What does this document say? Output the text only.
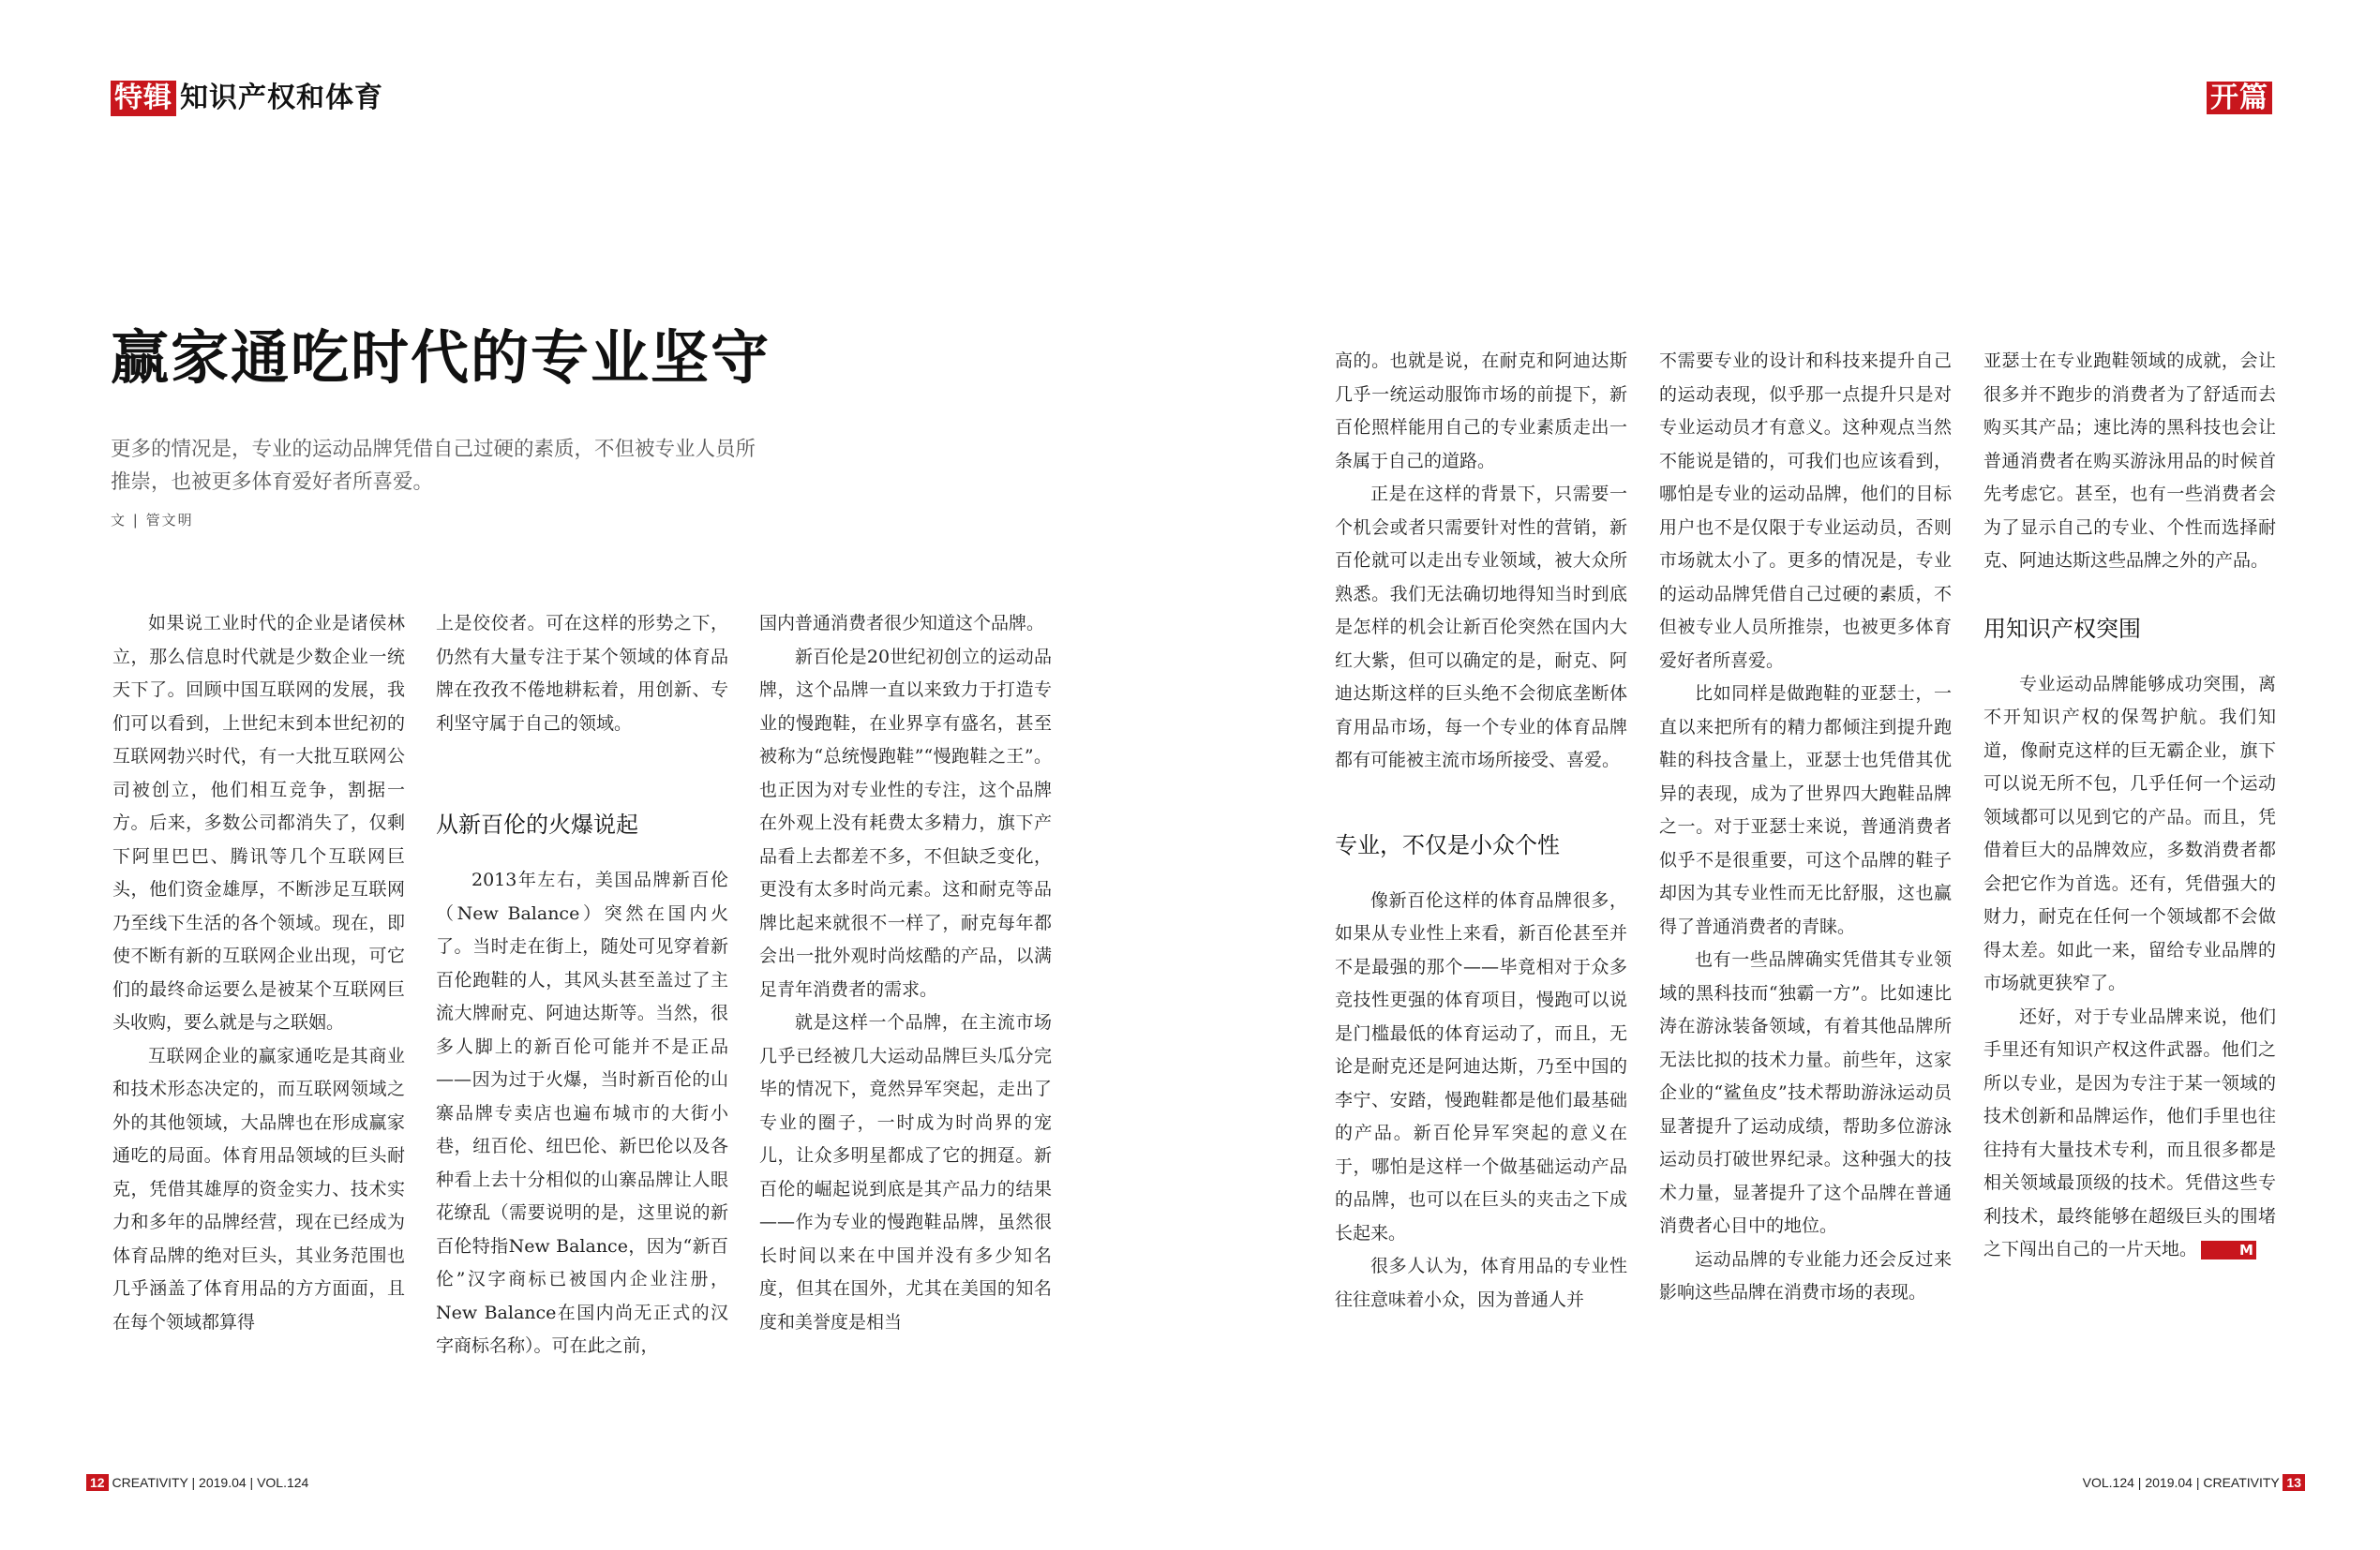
特辑 知识产权和体育	开篇
赢家通吃时代的专业坚守
更多的情况是，专业的运动品牌凭借自己过硬的素质，不但被专业人员所推崇，也被更多体育爱好者所喜爱。
文 | 管文明

如果说工业时代的企业是诸侯林立，那么信息时代就是少数企业一统天下了。回顾中国互联网的发展，我们可以看到，上世纪末到本世纪初的互联网勃兴时代，有一大批互联网公司被创立，他们相互竞争，割据一方。后来，多数公司都消失了，仅剩下阿里巴巴、腾讯等几个互联网巨头，他们资金雄厚，不断涉足互联网乃至线下生活的各个领域。现在，即使不断有新的互联网企业出现，可它们的最终命运要么是被某个互联网巨头收购，要么就是与之联姻。

互联网企业的赢家通吃是其商业和技术形态决定的，而互联网领域之外的其他领域，大品牌也在形成赢家通吃的局面。体育用品领域的巨头耐克，凭借其雄厚的资金实力、技术实力和多年的品牌经营，现在已经成为体育品牌的绝对巨头，其业务范围也几乎涵盖了体育用品的方方面面，且在每个领域都算得

上是佼佼者。可在这样的形势之下，仍然有大量专注于某个领域的体育品牌在孜孜不倦地耕耘着，用创新、专利坚守属于自己的领域。

从新百伦的火爆说起

2013年左右，美国品牌新百伦（New Balance）突然在国内火了。当时走在街上，随处可见穿着新百伦跑鞋的人，其风头甚至盖过了主流大牌耐克、阿迪达斯等。当然，很多人脚上的新百伦可能并不是正品——因为过于火爆，当时新百伦的山寨品牌专卖店也遍布城市的大街小巷，纽百伦、纽巴伦、新巴伦以及各种看上去十分相似的山寨品牌让人眼花缭乱（需要说明的是，这里说的新百伦特指New Balance，因为“新百伦”汉字商标已被国内企业注册，New Balance在国内尚无正式的汉字商标名称）。可在此之前，

国内普通消费者很少知道这个品牌。

新百伦是20世纪初创立的运动品牌，这个品牌一直以来致力于打造专业的慢跑鞋，在业界享有盛名，甚至被称为“总统慢跑鞋”“慢跑鞋之王”。也正因为对专业性的专注，这个品牌在外观上没有耗费太多精力，旗下产品看上去都差不多，不但缺乏变化，更没有太多时尚元素。这和耐克等品牌比起来就很不一样了，耐克每年都会出一批外观时尚炫酷的产品，以满足青年消费者的需求。

就是这样一个品牌，在主流市场几乎已经被几大运动品牌巨头瓜分完毕的情况下，竟然异军突起，走出了专业的圈子，一时成为时尚界的宠儿，让众多明星都成了它的拥趸。新百伦的崛起说到底是其产品力的结果——作为专业的慢跑鞋品牌，虽然很长时间以来在中国并没有多少知名度，但其在国外，尤其在美国的知名度和美誉度是相当

高的。也就是说，在耐克和阿迪达斯几乎一统运动服饰市场的前提下，新百伦照样能用自己的专业素质走出一条属于自己的道路。

正是在这样的背景下，只需要一个机会或者只需要针对性的营销，新百伦就可以走出专业领域，被大众所熟悉。我们无法确切地得知当时到底是怎样的机会让新百伦突然在国内大红大紫，但可以确定的是，耐克、阿迪达斯这样的巨头绝不会彻底垄断体育用品市场，每一个专业的体育品牌都有可能被主流市场所接受、喜爱。

专业，不仅是小众个性

像新百伦这样的体育品牌很多，如果从专业性上来看，新百伦甚至并不是最强的那个——毕竟相对于众多竞技性更强的体育项目，慢跑可以说是门槛最低的体育运动了，而且，无论是耐克还是阿迪达斯，乃至中国的李宁、安踏，慢跑鞋都是他们最基础的产品。新百伦异军突起的意义在于，哪怕是这样一个做基础运动产品的品牌，也可以在巨头的夹击之下成长起来。

很多人认为，体育用品的专业性往往意味着小众，因为普通人并

不需要专业的设计和科技来提升自己的运动表现，似乎那一点提升只是对专业运动员才有意义。这种观点当然不能说是错的，可我们也应该看到，哪怕是专业的运动品牌，他们的目标用户也不是仅限于专业运动员，否则市场就太小了。更多的情况是，专业的运动品牌凭借自己过硬的素质，不但被专业人员所推崇，也被更多体育爱好者所喜爱。

比如同样是做跑鞋的亚瑟士，一直以来把所有的精力都倾注到提升跑鞋的科技含量上，亚瑟士也凭借其优异的表现，成为了世界四大跑鞋品牌之一。对于亚瑟士来说，普通消费者似乎不是很重要，可这个品牌的鞋子却因为其专业性而无比舒服，这也赢得了普通消费者的青睐。

也有一些品牌确实凭借其专业领域的黑科技而“独霸一方”。比如速比涛在游泳装备领域，有着其他品牌所无法比拟的技术力量。前些年，这家企业的“鲨鱼皮”技术帮助游泳运动员显著提升了运动成绩，帮助多位游泳运动员打破世界纪录。这种强大的技术力量，显著提升了这个品牌在普通消费者心目中的地位。

运动品牌的专业能力还会反过来影响这些品牌在消费市场的表现。

亚瑟士在专业跑鞋领域的成就，会让很多并不跑步的消费者为了舒适而去购买其产品；速比涛的黑科技也会让普通消费者在购买游泳用品的时候首先考虑它。甚至，也有一些消费者会为了显示自己的专业、个性而选择耐克、阿迪达斯这些品牌之外的产品。

用知识产权突围

专业运动品牌能够成功突围，离不开知识产权的保驾护航。我们知道，像耐克这样的巨无霸企业，旗下可以说无所不包，几乎任何一个运动领域都可以见到它的产品。而且，凭借着巨大的品牌效应，多数消费者都会把它作为首选。还有，凭借强大的财力，耐克在任何一个领域都不会做得太差。如此一来，留给专业品牌的市场就更狭窄了。

还好，对于专业品牌来说，他们手里还有知识产权这件武器。他们之所以专业，是因为专注于某一领域的技术创新和品牌运作，他们手里也往往持有大量技术专利，而且很多都是相关领域最顶级的技术。凭借这些专利技术，最终能够在超级巨头的围堵之下闯出自己的一片天地。	M

12 CREATIVITY | 2019.04 | VOL.124	VOL.124 | 2019.04 | CREATIVITY 13
